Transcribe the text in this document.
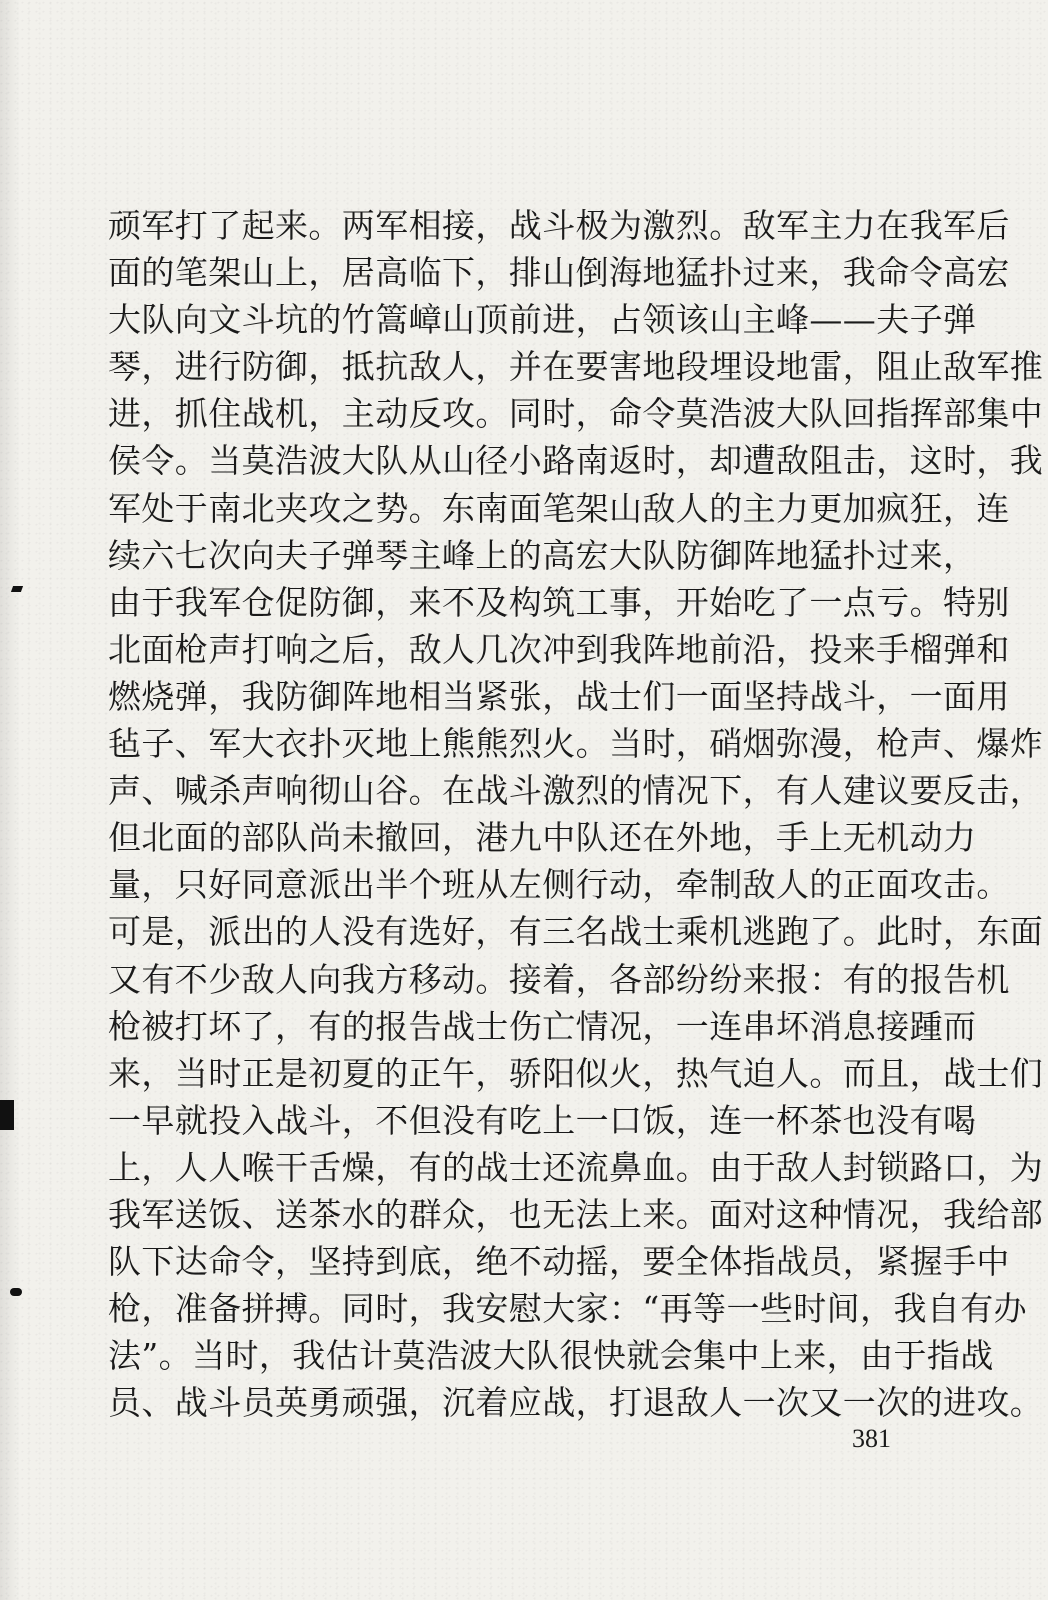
顽军打了起来。两军相接，战斗极为激烈。敌军主力在我军后
面的笔架山上，居高临下，排山倒海地猛扑过来，我命令高宏
大队向文斗坑的竹篙嶂山顶前进，占领该山主峰——夫子弹
琴，进行防御，抵抗敌人，并在要害地段埋设地雷，阻止敌军推
进，抓住战机，主动反攻。同时，命令莫浩波大队回指挥部集中
侯令。当莫浩波大队从山径小路南返时，却遭敌阻击，这时，我
军处于南北夹攻之势。东南面笔架山敌人的主力更加疯狂，连
续六七次向夫子弹琴主峰上的高宏大队防御阵地猛扑过来，
由于我军仓促防御，来不及构筑工事，开始吃了一点亏。特别
北面枪声打响之后，敌人几次冲到我阵地前沿，投来手榴弹和
燃烧弹，我防御阵地相当紧张，战士们一面坚持战斗，一面用
毡子、军大衣扑灭地上熊熊烈火。当时，硝烟弥漫，枪声、爆炸
声、喊杀声响彻山谷。在战斗激烈的情况下，有人建议要反击，
但北面的部队尚未撤回，港九中队还在外地，手上无机动力
量，只好同意派出半个班从左侧行动，牵制敌人的正面攻击。
可是，派出的人没有选好，有三名战士乘机逃跑了。此时，东面
又有不少敌人向我方移动。接着，各部纷纷来报：有的报告机
枪被打坏了，有的报告战士伤亡情况，一连串坏消息接踵而
来，当时正是初夏的正午，骄阳似火，热气迫人。而且，战士们
一早就投入战斗，不但没有吃上一口饭，连一杯茶也没有喝
上，人人喉干舌燥，有的战士还流鼻血。由于敌人封锁路口，为
我军送饭、送茶水的群众，也无法上来。面对这种情况，我给部
队下达命令，坚持到底，绝不动摇，要全体指战员，紧握手中
枪，准备拼搏。同时，我安慰大家：“再等一些时间，我自有办
法”。当时，我估计莫浩波大队很快就会集中上来，由于指战
员、战斗员英勇顽强，沉着应战，打退敌人一次又一次的进攻。
381
